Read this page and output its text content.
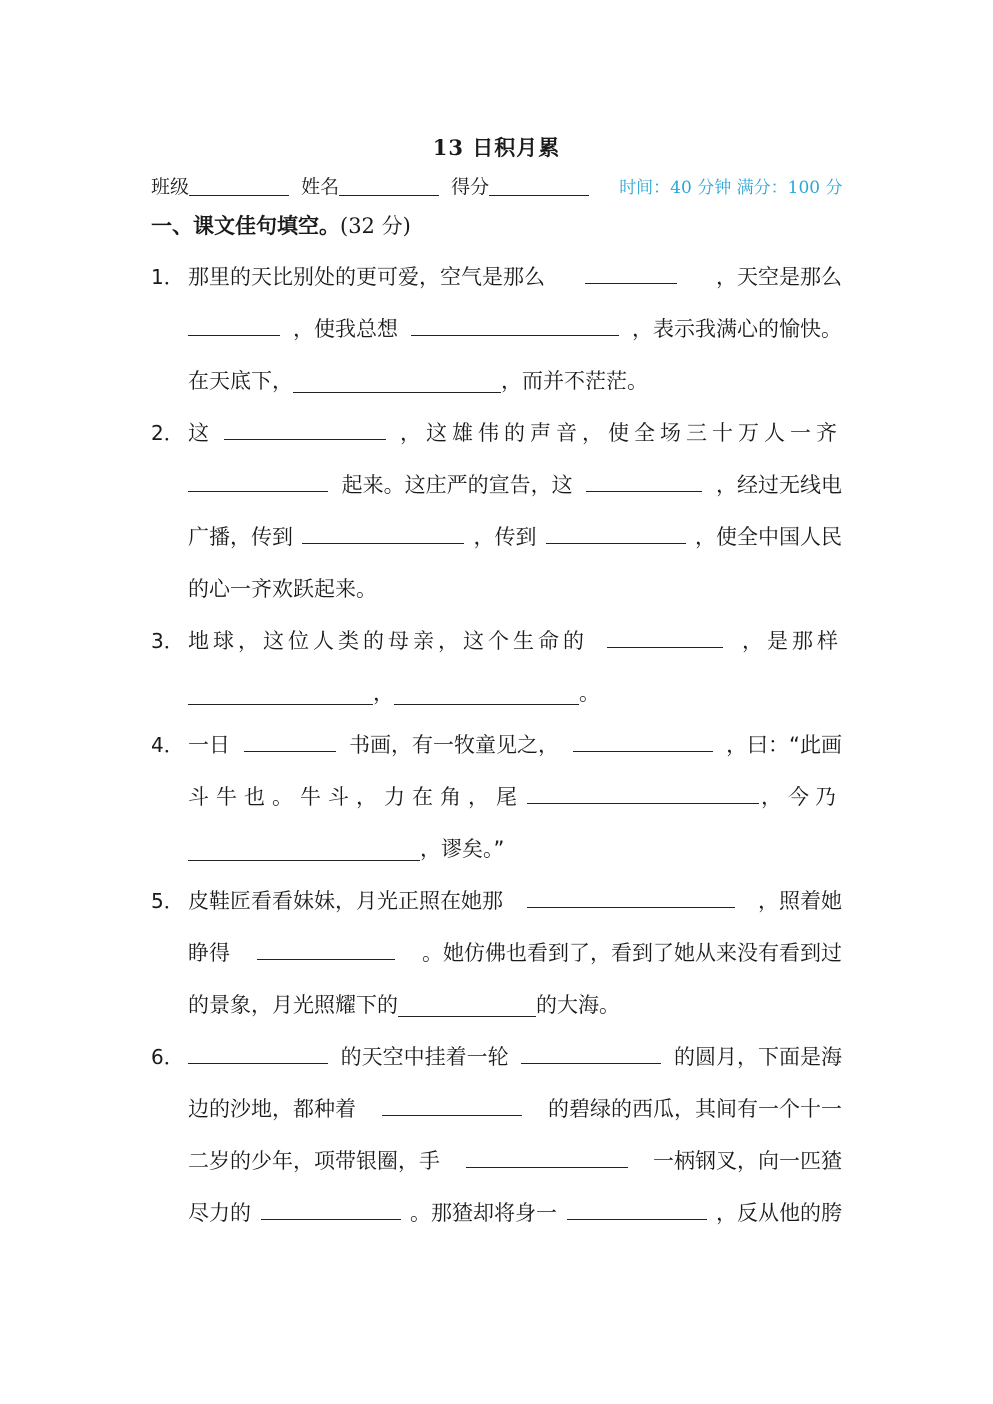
13 日积月累
班级	姓名	得分	时间：40 分钟 满分：100 分
一、课文佳句填空。(32 分)
1． 那里的天比别处的更可爱，空气是那么	，天空是那么
，使我总想	，表示我满心的愉快。
在天底下，	，而并不茫茫。
2． 这	，这雄伟的声音，使全场三十万人一齐
起来。这庄严的宣告，这	，经过无线电
广播，传到	，传到	，使全中国人民
的心一齐欢跃起来。
3． 地球，这位人类的母亲，这个生命的	，是那样
，	。
4． 一日	书画，有一牧童见之，	，曰：“此画
斗牛也。牛斗，力在角，尾	，今乃
，谬矣。”
5． 皮鞋匠看看妹妹，月光正照在她那	，照着她
睁得	。她仿佛也看到了，看到了她从来没有看到过
的景象，月光照耀下的	的大海。
6．	的天空中挂着一轮	的圆月，下面是海
边的沙地，都种着	的碧绿的西瓜，其间有一个十一
二岁的少年，项带银圈，手	一柄钢叉，向一匹猹
尽力的	。那猹却将身一	，反从他的胯
